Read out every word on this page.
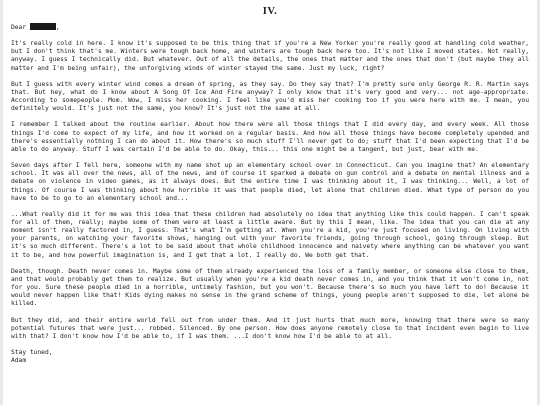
IV.
Dear	,

It's really cold in here. I know it's supposed to be this thing that if you're a New Yorker you're really good at handling cold weather, but I don't think that's me. Winters were tough back home, and winters are tough back here too. It's not like I moved states. Not really, anyway. I guess I technically did. But whatever. Out of all the details, the ones that matter and the ones that don't (but maybe they all matter and I'm being unfair), the unforgiving winds of winter stayed the same. Just my luck, right?

But I guess with every winter wind comes a dream of spring, as they say. Do they say that? I'm pretty sure only George R. R. Martin says that. But hey, what do I know about A Song Of Ice And Fire anyway? I only know that it's very good and very... not age-appropriate. According to somepeople. Mom. Wow, I miss her cooking. I feel like you'd miss her cooking too if you were here with me. I mean, you definitely would. It's just not the same, you know? It's just not the same at all.

I remember I talked about the routine earlier. About how there were all those things that I did every day, and every week. All those things I'd come to expect of my life, and how it worked on a regular basis. And how all those things have become completely upended and there's essentially nothing I can do about it. How there's so much stuff I'll never get to do; stuff that I'd been expecting that I'd be able to do anyway. Stuff I was certain I'd be able to do. Okay, this... this one might be a tangent, but just, bear with me.

Seven days after I fell here, someone with my name shot up an elementary school over in Connecticut. Can you imagine that? An elementary school. It was all over the news, all of the news, and of course it sparked a debate on gun control and a debate on mental illness and a debate on violence in video games, as it always does. But the entire time I was thinking about it, I was thinking... Well, a lot of things. Of course I was thinking about how horrible it was that people died, let alone that children died. What type of person do you have to be to go to an elementary school and...

...What really did it for me was this idea that these children had absolutely no idea that anything like this could happen. I can't speak for all of them, really; maybe some of them were at least a little aware. But by this I mean, like. The idea that you can die at any moment isn't really factored in, I guess. That's what I'm getting at. When you're a kid, you're just focused on living. On living with your parents, on watching your favorite shows, hanging out with your favorite friends, going through school, going through sleep. But it's so much different. There's a lot to be said about that whole childhood innocence and naivety where anything can be whatever you want it to be, and how powerful imagination is, and I get that a lot. I really do. We both get that.

Death, though. Death never comes in. Maybe some of them already experienced the loss of a family member, or someone else close to them, and that would probably get them to realize. But usually when you're a kid death never comes in, and you think that it won't come in, not for you. Sure these people died in a horrible, untimely fashion, but you won't. Because there's so much you have left to do! Because it would never happen like that! Kids dying makes no sense in the grand scheme of things, young people aren't supposed to die, let alone be killed.

But they did, and their entire world fell out from under them. And it just hurts that much more, knowing that there were so many potential futures that were just... robbed. Silenced. By one person. How does anyone remotely close to that incident even begin to live with that? I don't know how I'd be able to, if I was them. ...I don't know how I'd be able to at all.

Stay tuned,

Adam
